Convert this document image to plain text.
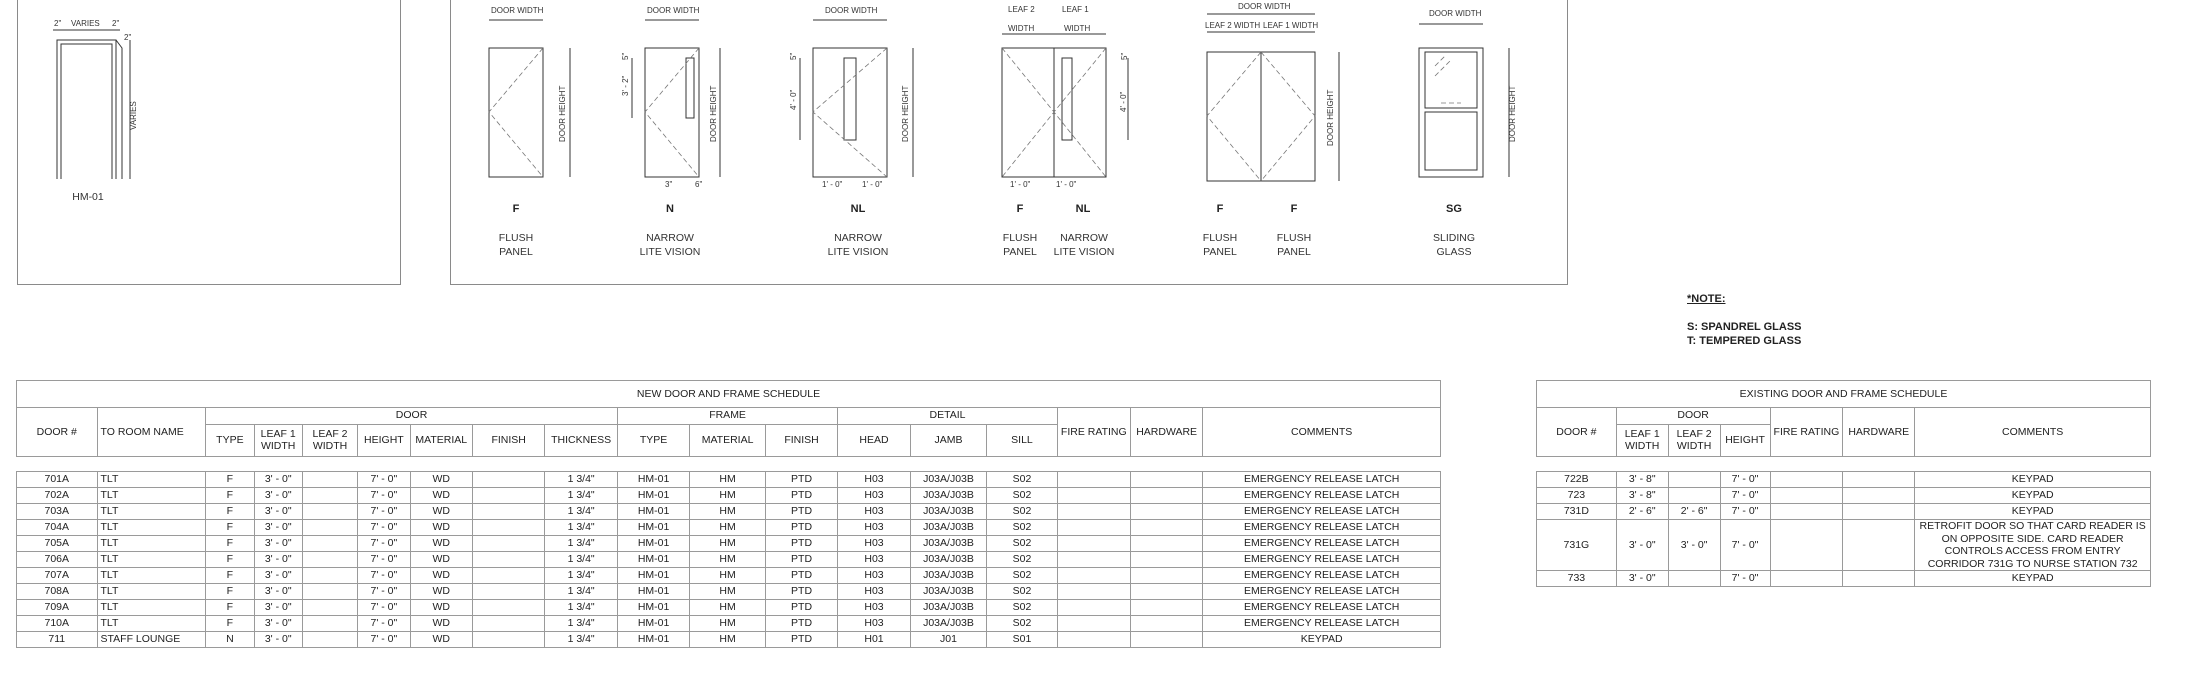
VARIES
2"	2"
2"
VARIES
HM-01
DOOR WIDTH
DOOR HEIGHT
F
FLUSH
PANEL
DOOR WIDTH
DOOR HEIGHT
3' - 2"
5"
3"	6"
N
NARROW
LITE VISION
DOOR WIDTH
DOOR HEIGHT
4' - 0"
5"
1' - 0" 1' - 0"
NL
NARROW
LITE VISION
LEAF 2	LEAF 1
WIDTH	WIDTH
4' - 0"
5"
1' - 0"	1' - 0"
F	NL
FLUSH
PANEL
NARROW
LITE VISION
DOOR WIDTH
LEAF 2 WIDTH LEAF 1 WIDTH
DOOR HEIGHT
F	F
FLUSH
PANEL
FLUSH
PANEL
DOOR WIDTH
DOOR HEIGHT
SG
SLIDING
GLASS
*NOTE:

S: SPANDREL GLASS
T: TEMPERED GLASS
NEW DOOR AND FRAME SCHEDULE																	
DOOR #	TO ROOM NAME	DOOR							FRAME			DETAIL			FIRE RATING	HARDWARE	COMMENTS
		TYPE	LEAF 1 WIDTH	LEAF 2 WIDTH	HEIGHT	MATERIAL	FINISH	THICKNESS	TYPE	MATERIAL	FINISH	HEAD	JAMB	SILL			

701A	TLT	F	3' - 0"		7' - 0"	WD		1 3/4"	HM-01	HM	PTD	H03	J03A/J03B	S02			EMERGENCY RELEASE LATCH
702A	TLT	F	3' - 0"		7' - 0"	WD		1 3/4"	HM-01	HM	PTD	H03	J03A/J03B	S02			EMERGENCY RELEASE LATCH
703A	TLT	F	3' - 0"		7' - 0"	WD		1 3/4"	HM-01	HM	PTD	H03	J03A/J03B	S02			EMERGENCY RELEASE LATCH
704A	TLT	F	3' - 0"		7' - 0"	WD		1 3/4"	HM-01	HM	PTD	H03	J03A/J03B	S02			EMERGENCY RELEASE LATCH
705A	TLT	F	3' - 0"		7' - 0"	WD		1 3/4"	HM-01	HM	PTD	H03	J03A/J03B	S02			EMERGENCY RELEASE LATCH
706A	TLT	F	3' - 0"		7' - 0"	WD		1 3/4"	HM-01	HM	PTD	H03	J03A/J03B	S02			EMERGENCY RELEASE LATCH
707A	TLT	F	3' - 0"		7' - 0"	WD		1 3/4"	HM-01	HM	PTD	H03	J03A/J03B	S02			EMERGENCY RELEASE LATCH
708A	TLT	F	3' - 0"		7' - 0"	WD		1 3/4"	HM-01	HM	PTD	H03	J03A/J03B	S02			EMERGENCY RELEASE LATCH
709A	TLT	F	3' - 0"		7' - 0"	WD		1 3/4"	HM-01	HM	PTD	H03	J03A/J03B	S02			EMERGENCY RELEASE LATCH
710A	TLT	F	3' - 0"		7' - 0"	WD		1 3/4"	HM-01	HM	PTD	H03	J03A/J03B	S02			EMERGENCY RELEASE LATCH
711	STAFF LOUNGE	N	3' - 0"		7' - 0"	WD		1 3/4"	HM-01	HM	PTD	H01	J01	S01			KEYPAD
EXISTING DOOR AND FRAME SCHEDULE						
DOOR #	DOOR			FIRE RATING	HARDWARE	COMMENTS
	LEAF 1 WIDTH	LEAF 2 WIDTH	HEIGHT			

722B	3' - 8"		7' - 0"			KEYPAD
723	3' - 8"		7' - 0"			KEYPAD
731D	2' - 6"	2' - 6"	7' - 0"			KEYPAD
731G	3' - 0"	3' - 0"	7' - 0"			RETROFIT DOOR SO THAT CARD READER IS ON OPPOSITE SIDE. CARD READER CONTROLS ACCESS FROM ENTRY CORRIDOR 731G TO NURSE STATION 732
733	3' - 0"		7' - 0"			KEYPAD
